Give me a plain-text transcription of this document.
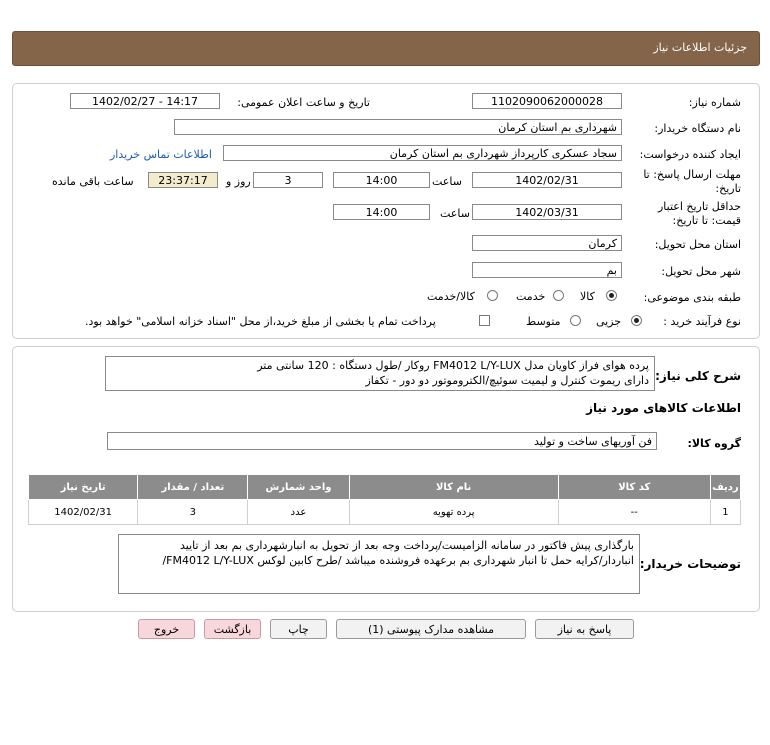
جزئیات اطلاعات نیاز
شماره نیاز:
1102090062000028
تاریخ و ساعت اعلان عمومی:
1402/02/27 - 14:17
نام دستگاه خریدار:
شهرداری بم استان کرمان
ایجاد کننده درخواست:
سجاد عسکری کارپرداز شهرداری بم استان کرمان
اطلاعات تماس خریدار
مهلت ارسال پاسخ: تا
تاریخ:
1402/02/31
ساعت
14:00
3
روز و
23:37:17
ساعت باقی مانده
حداقل تاریخ اعتبار
قیمت: تا تاریخ:
1402/03/31
ساعت
14:00
استان محل تحویل:
کرمان
شهر محل تحویل:
بم
طبقه بندی موضوعی:
کالا
خدمت
کالا/خدمت
نوع فرآیند خرید :
جزیی
متوسط
پرداخت تمام یا بخشی از مبلغ خرید،از محل "اسناد خزانه اسلامی" خواهد بود.
شرح کلی نیاز:
پرده هوای فراز کاویان مدل FM4012 L/Y-LUX روکار /طول دستگاه : 120 سانتی متر
دارای ریموت کنترل و لیمیت سوئیچ/الکتروموتور دو دور - تکفاز
اطلاعات کالاهای مورد نیاز
گروه کالا:
فن آوریهای ساخت و تولید
ردیف	کد کالا	نام کالا	واحد شمارش	تعداد / مقدار	تاریخ نیاز
1	--	پرده تهویه	عدد	3	1402/02/31
توضیحات خریدار:
بارگذاری پیش فاکتور در سامانه الزامیست/پرداخت وجه بعد از تحویل به انبارشهرداری بم بعد از تایید
انباردار/کرایه حمل تا انبار شهرداری بم برعهده فروشنده میباشد /طرح کابین لوکس FM4012 L/Y-LUX/
پاسخ به نیاز
مشاهده مدارک پیوستی (1)
چاپ
بازگشت
خروج
